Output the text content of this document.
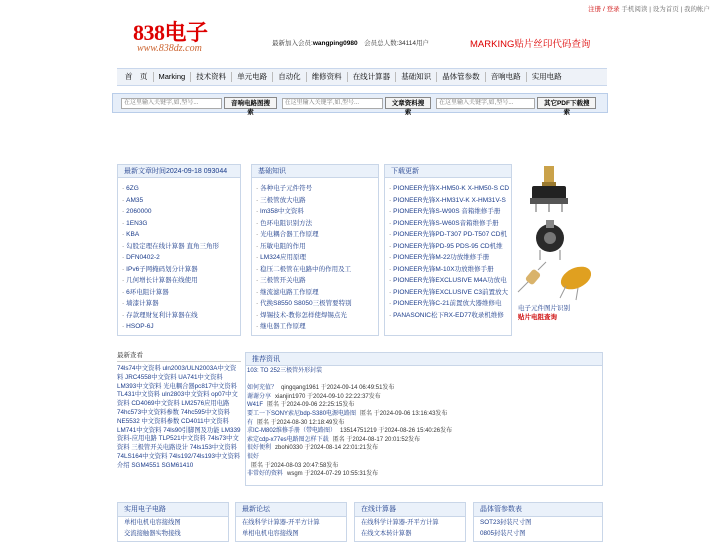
注册 / 登录 手机阅读 | 设为首页 | 我的帐户
838电子
www.838dz.com	最新加入会员:wangping0980　 会员总人数:34114用户	MARKING贴片丝印代码查询
首　页	Marking	技术资料	单元电路	自动化	维修资料	在线计算器	基础知识	晶体管参数	音响电路	实用电路
在这里输入关键字,如,型号...
音响电路图搜索
在这里输入关键字,如,型号...
文章资料搜索
在这里输入关键字,如,型号...
其它PDF下载搜索
最新文章时间2024-09-18 093044
· 6ZG
· AM35
· 2060000
· 1EN3G
· KBA
· 勾股定理在线计算器 直角三角形
· DFN0402-2
· IPv6子网掩码划分计算器
· 几何增长计算器在线使用
· 6环电阻计算器
· 墙漆计算器
· 存款理财复利计算器在线
· HSOP-6J
基础知识
· 各种电子元件符号
· 三极管放大电路
· lm358中文资料
· 色环电阻识别方法
· 光电耦合器工作原理
· 压敏电阻的作用
· LM324应用原理
· 稳压二极管在电路中的作用及工
· 三极管开关电路
· 继流滤电路工作原理
· 代换S8550 S8050三极管要特别
· 焊锡技术-教你怎样使焊锡点光
· 继电器工作原理
下载更新
· PIONEER先锋X-HM50-K X-HM50-S CD
· PIONEER先锋X-HM31V-K X-HM31V-S
· PIONEER先锋S-W90S 音箱维修手册
· PIONEER先锋S-W60S音箱维修手册
· PIONEER先锋PD-T307 PD-T507 CD机
· PIONEER先锋PD-95 PDS-95 CD机维
· PIONEER先锋M-22功放维修手册
· PIONEER先锋M-10X功放维修手册
· PIONEER先锋EXCLUSIVE M4A功放电
· PIONEER先锋EXCLUSIVE C3前置放大
· PIONEER先锋C-21前置放大器维修电
· PANASONIC松下RX-ED77收录机维修
电子元件图片识别
贴片电阻查询
最新查看

74ls74中文资料 uln2003/ULN2003A中文资料 JRC4558中文资料 UA741中文资料 LM393中文资料 光电耦合器pc817中文资料 TL431中文资料 uln2803中文资料 op07中文资料 CD4069中文资料 LM2576应用电路 74hc573中文资料参数 74hc595中文资料 NE5532 中文资料参数 CD4011中文资料 LM741中文资料 74ls90引脚图及功能 LM339资料-应用电路 TLP521中文资料 74ls73中文资料 三极管开关电路设计 74ls153中文资料 74LS164中文资料 74ls192/74ls193中文资料介绍 SGM4551 SGM61410

推荐资讯
103: TO 252三极管外形封装

如何充值？ qingqang1961 于2024-09-14 06:49:51发布
谢谢分享 xianjin1970 于2024-09-10 22:22:37发布
W41F 匿名 于2024-09-06 22:25:15发布
要工一下SONY索尼bdp-S380电源电路图 匿名 于2024-09-06 13:16:43发布
有 匿名 于2024-08-30 12:18:49发布
求IC-M802维修手册（带电路图） 13514751219 于2024-08-26 15:40:26发布
索定cdp-x77es电路图怎样下载 匿名 于2024-08-17 20:01:52发布
很好便利 zbohi0330 于2024-08-14 22:01:21发布
很好
匿名 于2024-08-03 20:47:58发布
非常好的资料 wsgm 于2024-07-29 10:55:31发布
实用电子电路
单相电机电容接线图
交流接触器实物接线
最新论坛
在线科学计算器-开平方计算
单相电机电容接线图
在线计算器
在线科学计算器-开平方计算
在线文本转计算器
晶体管参数表
SOT23封装尺寸图
0805封装尺寸图
